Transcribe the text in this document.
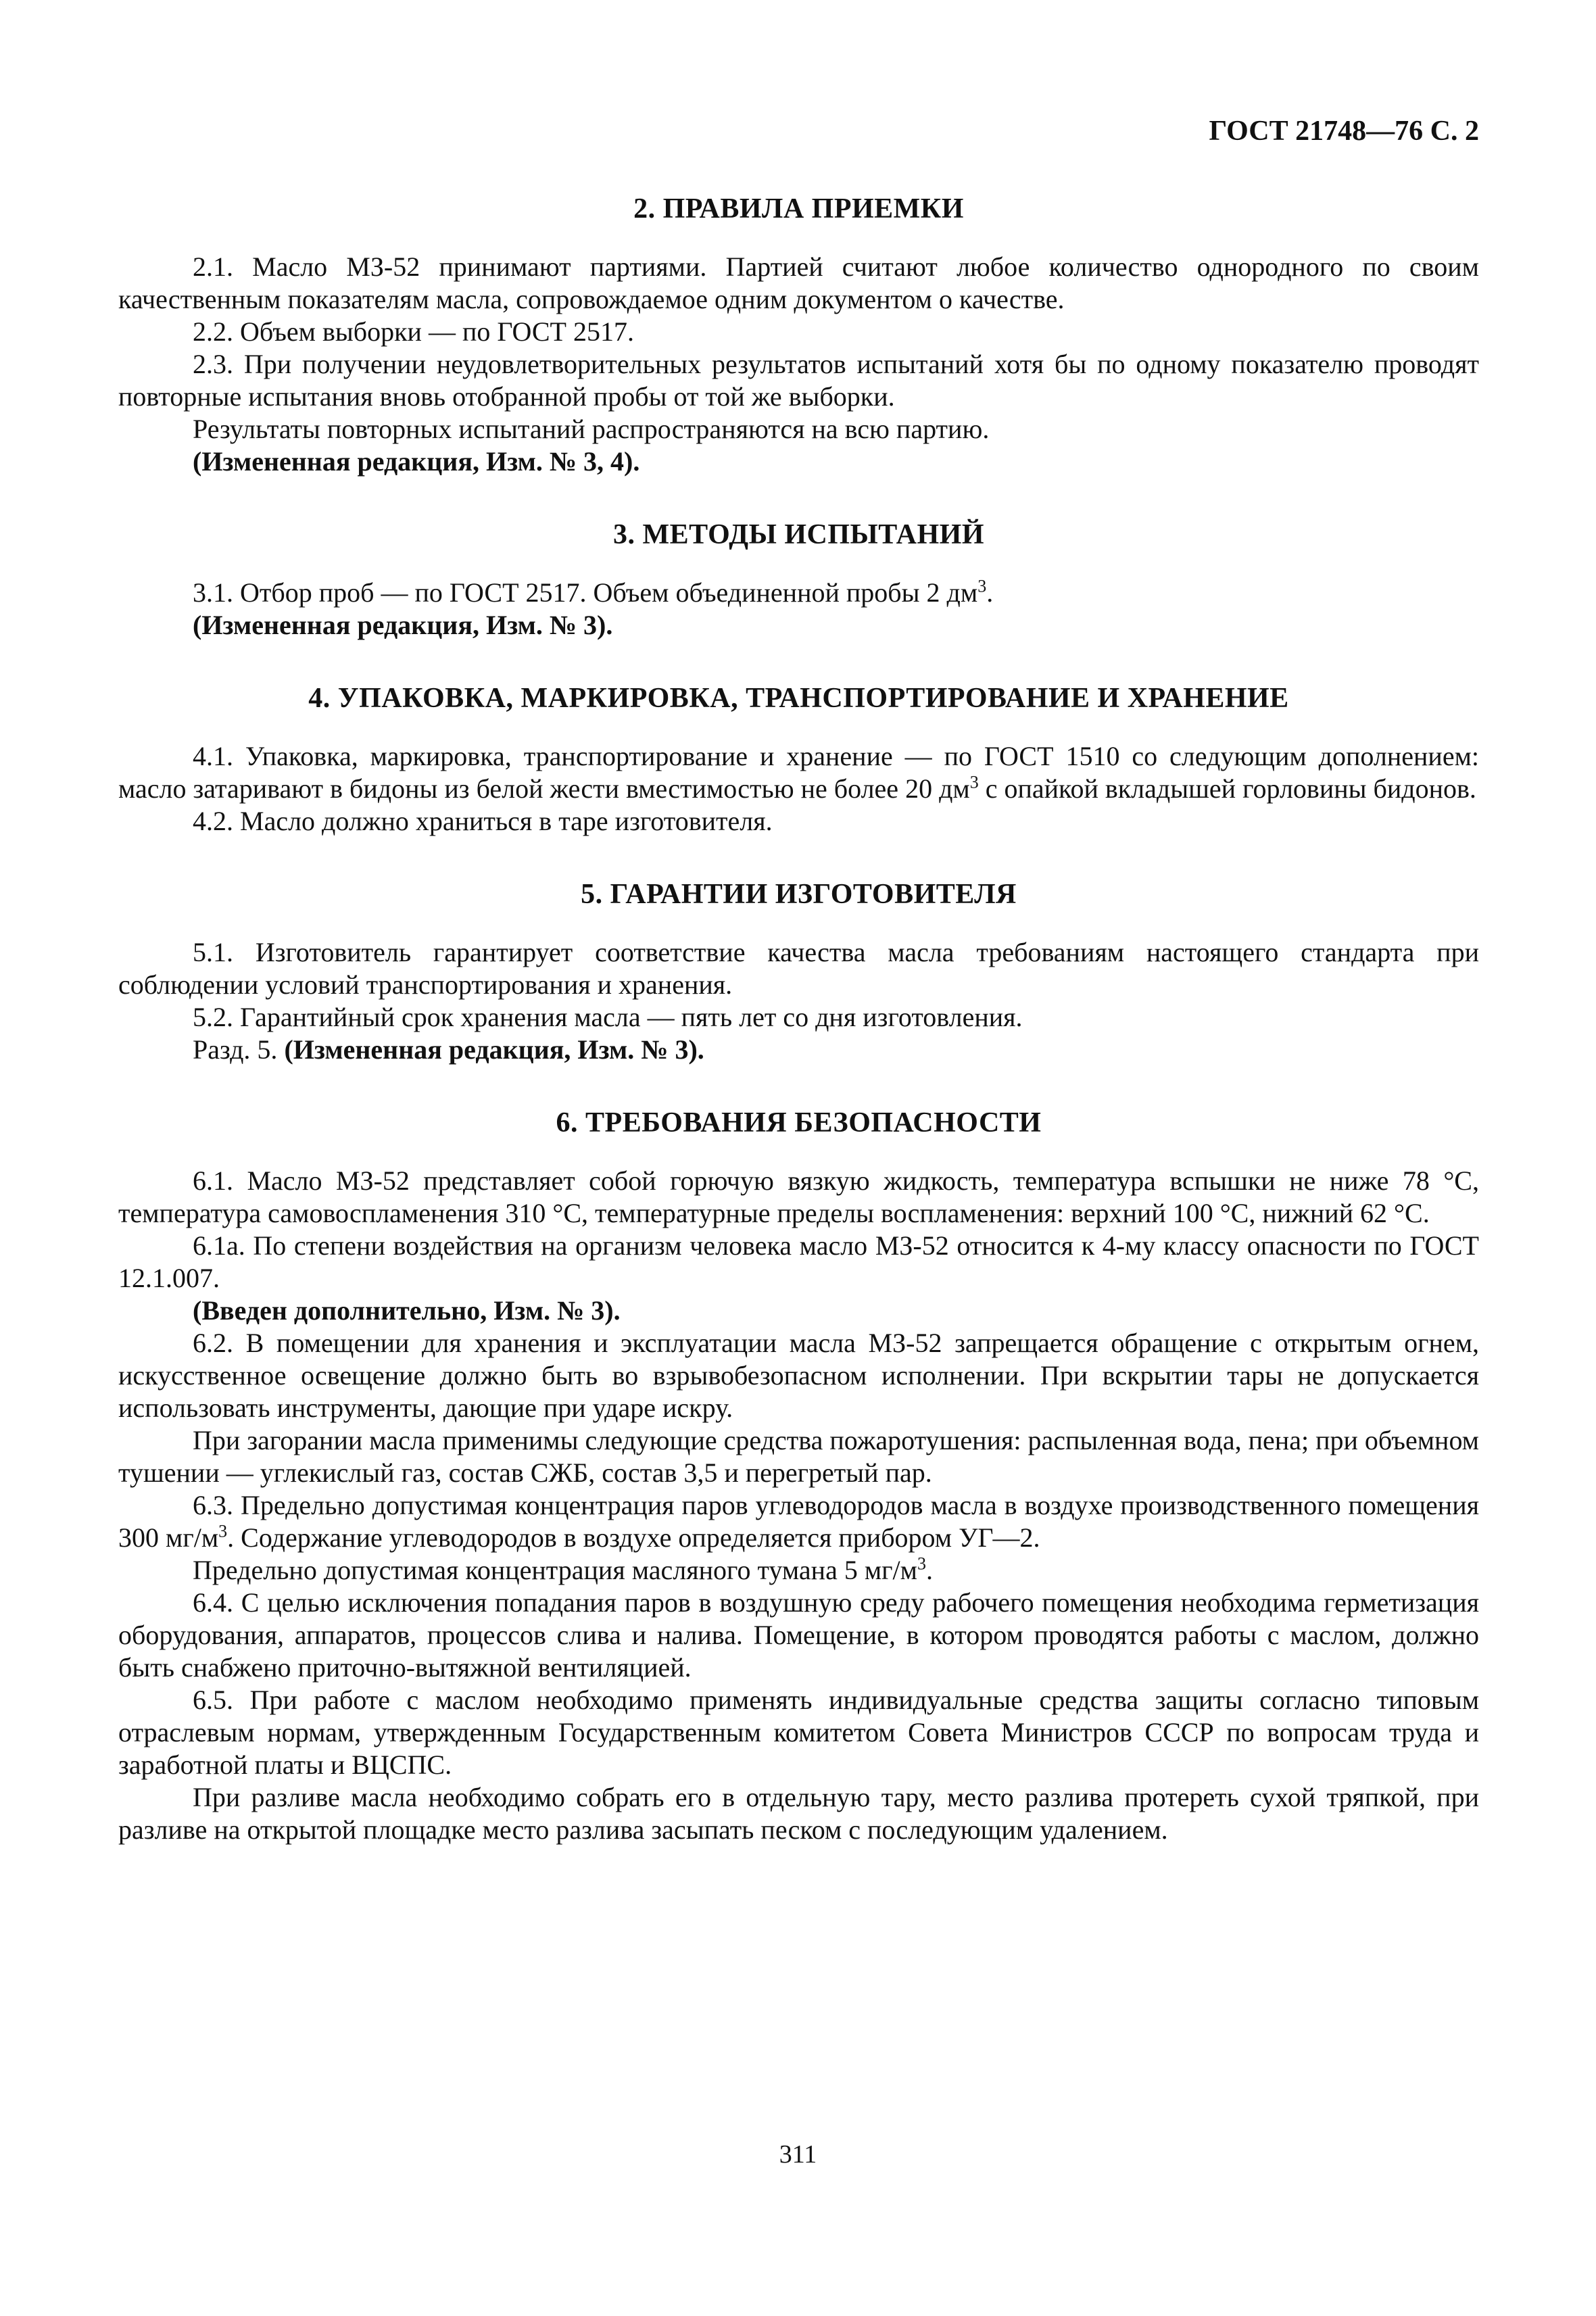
ГОСТ 21748—76 С. 2
2. ПРАВИЛА ПРИЕМКИ

2.1. Масло МЗ-52 принимают партиями. Партией считают любое количество однородного по своим качественным показателям масла, сопровождаемое одним документом о качестве.

2.2. Объем выборки — по ГОСТ 2517.

2.3. При получении неудовлетворительных результатов испытаний хотя бы по одному показателю проводят повторные испытания вновь отобранной пробы от той же выборки.

Результаты повторных испытаний распространяются на всю партию.

(Измененная редакция, Изм. № 3, 4).

3. МЕТОДЫ ИСПЫТАНИЙ

3.1. Отбор проб — по ГОСТ 2517. Объем объединенной пробы 2 $дм^3$.

(Измененная редакция, Изм. № 3).

4. УПАКОВКА, МАРКИРОВКА, ТРАНСПОРТИРОВАНИЕ И ХРАНЕНИЕ

4.1. Упаковка, маркировка, транспортирование и хранение — по ГОСТ 1510 со следующим дополнением: масло затаривают в бидоны из белой жести вместимостью не более 20 $дм^3$ с опайкой вкладышей горловины бидонов.

4.2. Масло должно храниться в таре изготовителя.

5. ГАРАНТИИ ИЗГОТОВИТЕЛЯ

5.1. Изготовитель гарантирует соответствие качества масла требованиям настоящего стандарта при соблюдении условий транспортирования и хранения.

5.2. Гарантийный срок хранения масла — пять лет со дня изготовления.

Разд. 5. (Измененная редакция, Изм. № 3).

6. ТРЕБОВАНИЯ БЕЗОПАСНОСТИ

6.1. Масло МЗ-52 представляет собой горючую вязкую жидкость, температура вспышки не ниже 78 °С, температура самовоспламенения 310 °С, температурные пределы воспламенения: верхний 100 °С, нижний 62 °С.

6.1а. По степени воздействия на организм человека масло МЗ-52 относится к 4-му классу опасности по ГОСТ 12.1.007.

(Введен дополнительно, Изм. № 3).

6.2. В помещении для хранения и эксплуатации масла МЗ-52 запрещается обращение с открытым огнем, искусственное освещение должно быть во взрывобезопасном исполнении. При вскрытии тары не допускается использовать инструменты, дающие при ударе искру.

При загорании масла применимы следующие средства пожаротушения: распыленная вода, пена; при объемном тушении — углекислый газ, состав СЖБ, состав 3,5 и перегретый пар.

6.3. Предельно допустимая концентрация паров углеводородов масла в воздухе производственного помещения 300 $мг/м^3$. Содержание углеводородов в воздухе определяется прибором УГ—2.

Предельно допустимая концентрация масляного тумана 5 $мг/м^3$.

6.4. С целью исключения попадания паров в воздушную среду рабочего помещения необходима герметизация оборудования, аппаратов, процессов слива и налива. Помещение, в котором проводятся работы с маслом, должно быть снабжено приточно-вытяжной вентиляцией.

6.5. При работе с маслом необходимо применять индивидуальные средства защиты согласно типовым отраслевым нормам, утвержденным Государственным комитетом Совета Министров СССР по вопросам труда и заработной платы и ВЦСПС.

При разливе масла необходимо собрать его в отдельную тару, место разлива протереть сухой тряпкой, при разливе на открытой площадке место разлива засыпать песком с последующим удалением.

311
